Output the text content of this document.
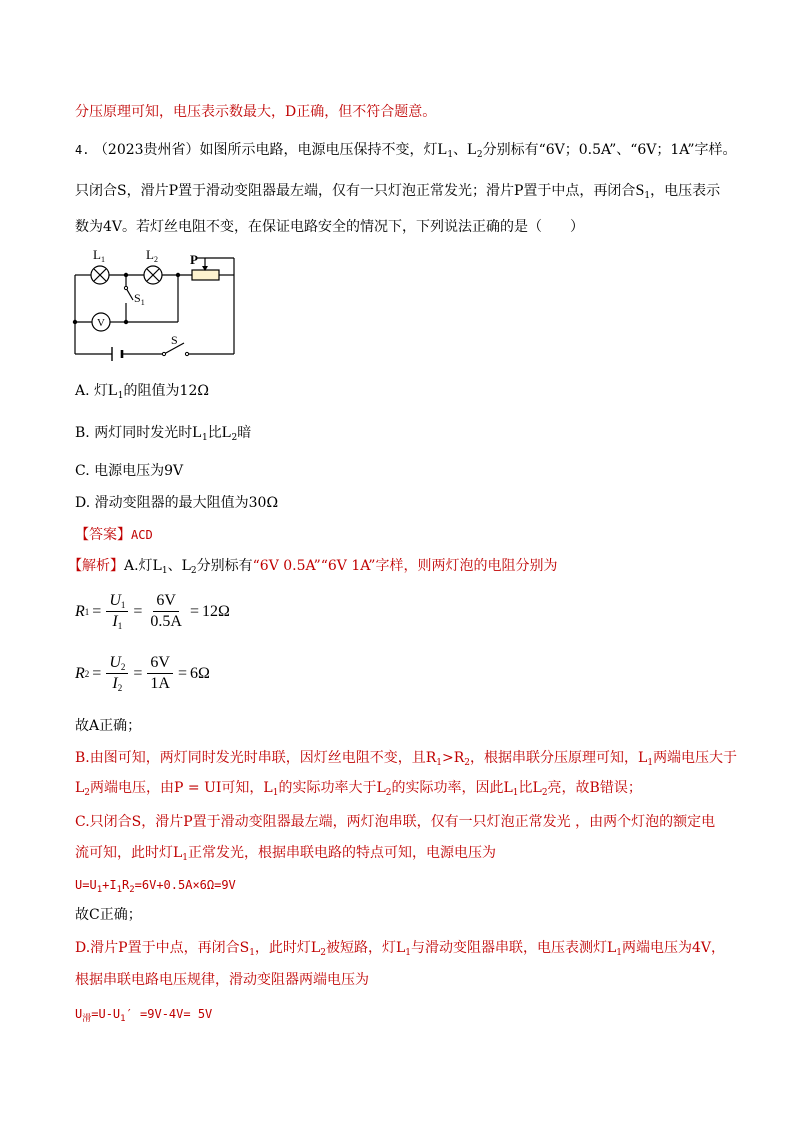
分压原理可知，电压表示数最大，D正确，但不符合题意。
4. （2023贵州省）如图所示电路，电源电压保持不变，灯$L_1$、$L_2$分别标有“6V；0.5A”、“6V；1A”字样。
只闭合S，滑片P置于滑动变阻器最左端，仅有一只灯泡正常发光；滑片P置于中点，再闭合$S_1$，电压表示
数为4V。若灯丝电阻不变，在保证电路安全的情况下，下列说法正确的是（　　）
$L_1$	$L_2$ P
$S_1$
V
S
A. 灯$L_1$的阻值为12Ω
B. 两灯同时发光时$L_1$比$L_2$暗
C. 电源电压为9V
D. 滑动变阻器的最大阻值为30Ω
【答案】ACD
【解析】A.灯$L_1$、$L_2$分别标有“6V 0.5A”“6V 1A”字样，则两灯泡的电阻分别为
R $1 = \frac{U_1}{I_1} = \frac{6V}{0.5A} = 12\Omega$
R $2 = \frac{U_2}{I_2} = \frac{6V}{1A} = 6\Omega$
故A正确；
B.由图可知，两灯同时发光时串联，因灯丝电阻不变，且$R_1>R_2$，根据串联分压原理可知，$L_1$两端电压大于
$L_2$两端电压，由P = UI可知，$L_1$的实际功率大于$L_2$的实际功率，因此$L_1$比$L_2$亮，故B错误；
C.只闭合S，滑片P置于滑动变阻器最左端，两灯泡串联，仅有一只灯泡正常发光 ，由两个灯泡的额定电
流可知，此时灯$L_1$正常发光，根据串联电路的特点可知，电源电压为
$U=U_1+I_1R_2=6V+0.5A\times 6\Omega=9V$
故C正确；
D.滑片P置于中点，再闭合$S_1$，此时灯$L_2$被短路，灯$L_1$与滑动变阻器串联，电压表测灯$L_1$两端电压为4V，
根据串联电路电压规律，滑动变阻器两端电压为
$U_滑=U-U_1' =9V-4V= 5V$
